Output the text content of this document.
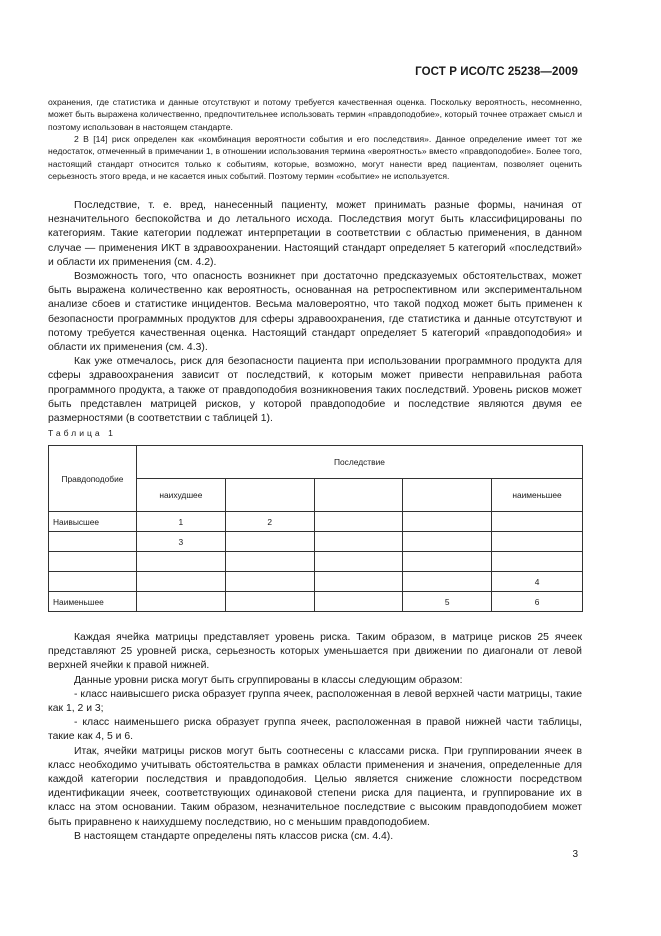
ГОСТ Р ИСО/ТС 25238—2009

охранения, где статистика и данные отсутствуют и потому требуется качественная оценка. Поскольку вероятность, несомненно, может быть выражена количественно, предпочтительнее использовать термин «правдоподобие», который точнее отражает смысл и поэтому использован в настоящем стандарте.

2 В [14] риск определен как «комбинация вероятности события и его последствия». Данное определение имеет тот же недостаток, отмеченный в примечании 1, в отношении использования термина «вероятность» вместо «правдоподобие». Более того, настоящий стандарт относится только к событиям, которые, возможно, могут нанести вред пациентам, позволяет оценить серьезность этого вреда, и не касается иных событий. Поэтому термин «событие» не используется.

Последствие, т. е. вред, нанесенный пациенту, может принимать разные формы, начиная от незначительного беспокойства и до летального исхода. Последствия могут быть классифицированы по категориям. Такие категории подлежат интерпретации в соответствии с областью применения, в данном случае — применения ИКТ в здравоохранении. Настоящий стандарт определяет 5 категорий «последствий» и области их применения (см. 4.2).

Возможность того, что опасность возникнет при достаточно предсказуемых обстоятельствах, может быть выражена количественно как вероятность, основанная на ретроспективном или экспериментальном анализе сбоев и статистике инцидентов. Весьма маловероятно, что такой подход может быть применен к безопасности программных продуктов для сферы здравоохранения, где статистика и данные отсутствуют и потому требуется качественная оценка. Настоящий стандарт определяет 5 категорий «правдоподобия» и области их применения (см. 4.3).

Как уже отмечалось, риск для безопасности пациента при использовании программного продукта для сферы здравоохранения зависит от последствий, к которым может привести неправильная работа программного продукта, а также от правдоподобия возникновения таких последствий. Уровень рисков может быть представлен матрицей рисков, у которой правдоподобие и последствие являются двумя ее размерностями (в соответствии с таблицей 1).

Таблица 1
Правдоподобие	Последствие				
	наихудшее				наименьшее
Наивысшее	1	2			
	3				

					4
Наименьшее				5	6

Каждая ячейка матрицы представляет уровень риска. Таким образом, в матрице рисков 25 ячеек представляют 25 уровней риска, серьезность которых уменьшается при движении по диагонали от левой верхней ячейки к правой нижней.

Данные уровни риска могут быть сгруппированы в классы следующим образом:

- класс наивысшего риска образует группа ячеек, расположенная в левой верхней части матрицы, такие как 1, 2 и 3;

- класс наименьшего риска образует группа ячеек, расположенная в правой нижней части таблицы, такие как 4, 5 и 6.

Итак, ячейки матрицы рисков могут быть соотнесены с классами риска. При группировании ячеек в класс необходимо учитывать обстоятельства в рамках области применения и значения, определенные для каждой категории последствия и правдоподобия. Целью является снижение сложности посредством идентификации ячеек, соответствующих одинаковой степени риска для пациента, и группирование их в класс на этом основании. Таким образом, незначительное последствие с высоким правдоподобием может быть приравнено к наихудшему последствию, но с меньшим правдоподобием.

В настоящем стандарте определены пять классов риска (см. 4.4).

3
